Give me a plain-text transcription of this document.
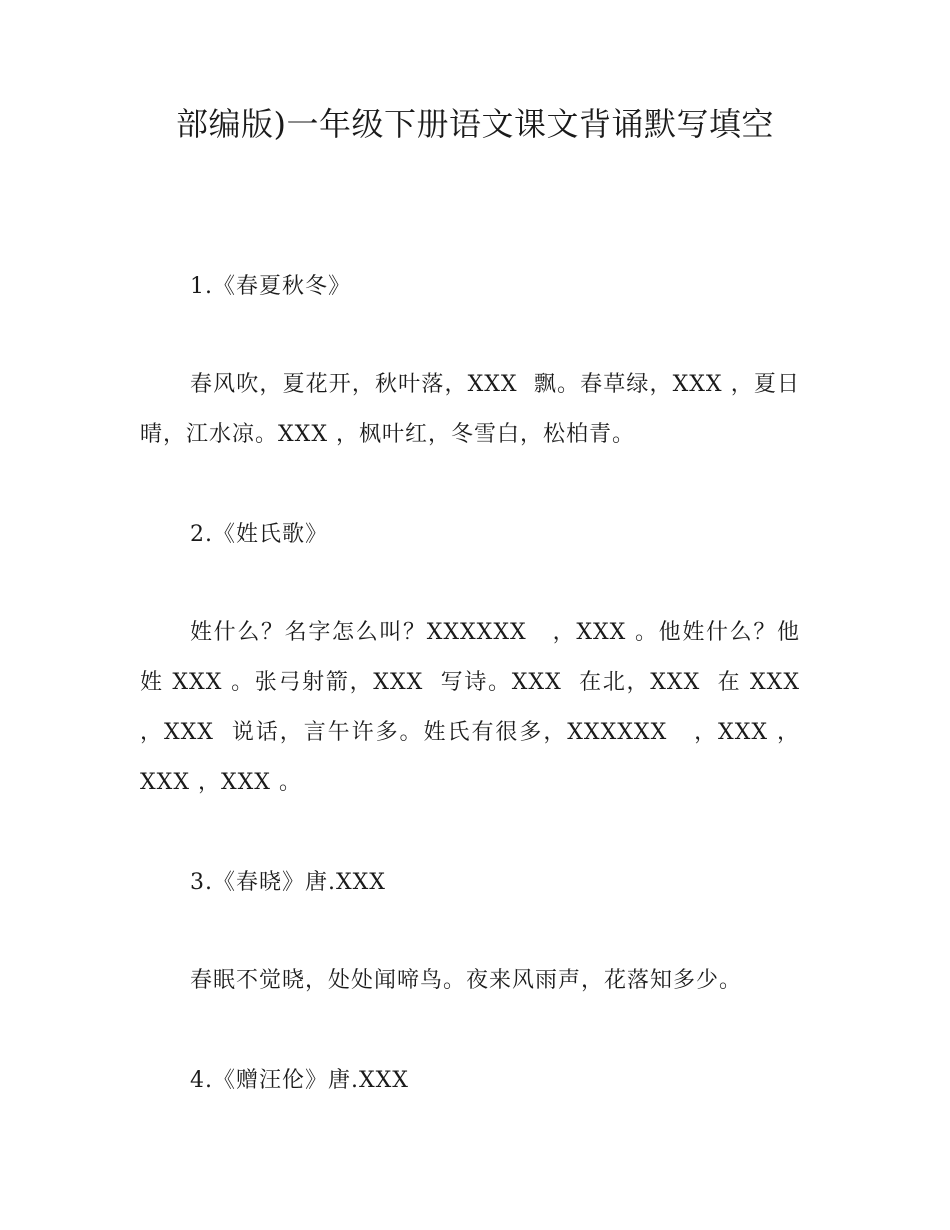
部编版)一年级下册语文课文背诵默写填空
1.《春夏秋冬》
春风吹，夏花开，秋叶落，XXX  飘。春草绿，XXX ，夏日晴，江水凉。XXX ，枫叶红，冬雪白，松柏青。
2.《姓氏歌》
姓什么？名字怎么叫？XXXXXX   ，XXX 。他姓什么？他姓 XXX 。张弓射箭，XXX  写诗。XXX  在北，XXX  在 XXX ，XXX  说话，言午许多。姓氏有很多，XXXXXX   ，XXX ，XXX ，XXX 。
3.《春晓》唐.XXX
春眠不觉晓，处处闻啼鸟。夜来风雨声，花落知多少。
4.《赠汪伦》唐.XXX
